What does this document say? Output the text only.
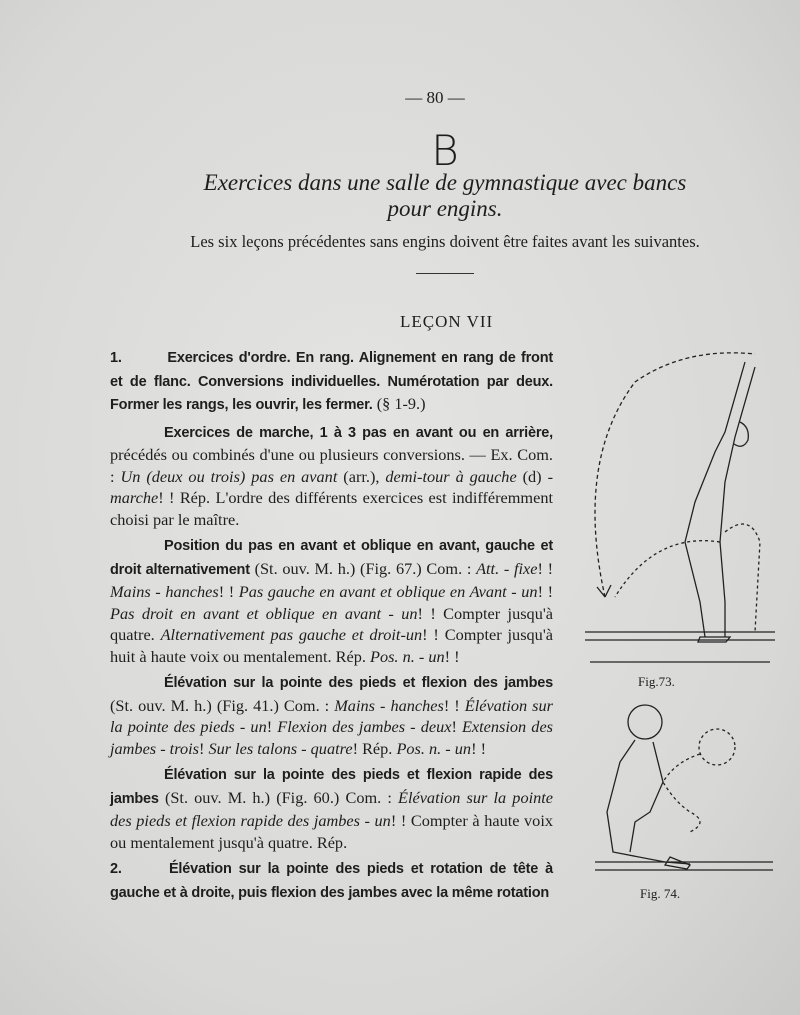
— 80 —
B
Exercices dans une salle de gymnastique avec bancs
pour engins.
Les six leçons précédentes sans engins doivent être faites avant les suivantes.
LEÇON VII

1.	Exercices d'ordre. En rang. Alignement en rang de front et de flanc. Conversions individuelles. Numérotation par deux. Former les rangs, les ouvrir, les fermer. (§ 1-9.)

Exercices de marche, 1 à 3 pas en avant ou en arrière, précédés ou combinés d'une ou plusieurs conversions. — Ex. Com. : Un (deux ou trois) pas en avant (arr.), demi-tour à gauche (d) - marche! ! Rép. L'ordre des différents exercices est indifféremment choisi par le maître.

Position du pas en avant et oblique en avant, gauche et droit alternativement (St. ouv. M. h.) (Fig. 67.) Com. : Att. - fixe! ! Mains - hanches! ! Pas gauche en avant et oblique en Avant - un! ! Pas droit en avant et oblique en avant - un! ! Compter jusqu'à quatre. Alternativement pas gauche et droit-un! ! Compter jusqu'à huit à haute voix ou mentalement. Rép. Pos. n. - un! !

Élévation sur la pointe des pieds et flexion des jambes (St. ouv. M. h.) (Fig. 41.) Com. : Mains - hanches! ! Élévation sur la pointe des pieds - un! Flexion des jambes - deux! Extension des jambes - trois! Sur les talons - quatre! Rép. Pos. n. - un! !

Élévation sur la pointe des pieds et flexion rapide des jambes (St. ouv. M. h.) (Fig. 60.) Com. : Élévation sur la pointe des pieds et flexion rapide des jambes - un! ! Compter à haute voix ou mentalement jusqu'à quatre. Rép.

2.	Élévation sur la pointe des pieds et rotation de tête à gauche et à droite, puis flexion des jambes avec la même rotation

Fig.73.
Fig. 74.
